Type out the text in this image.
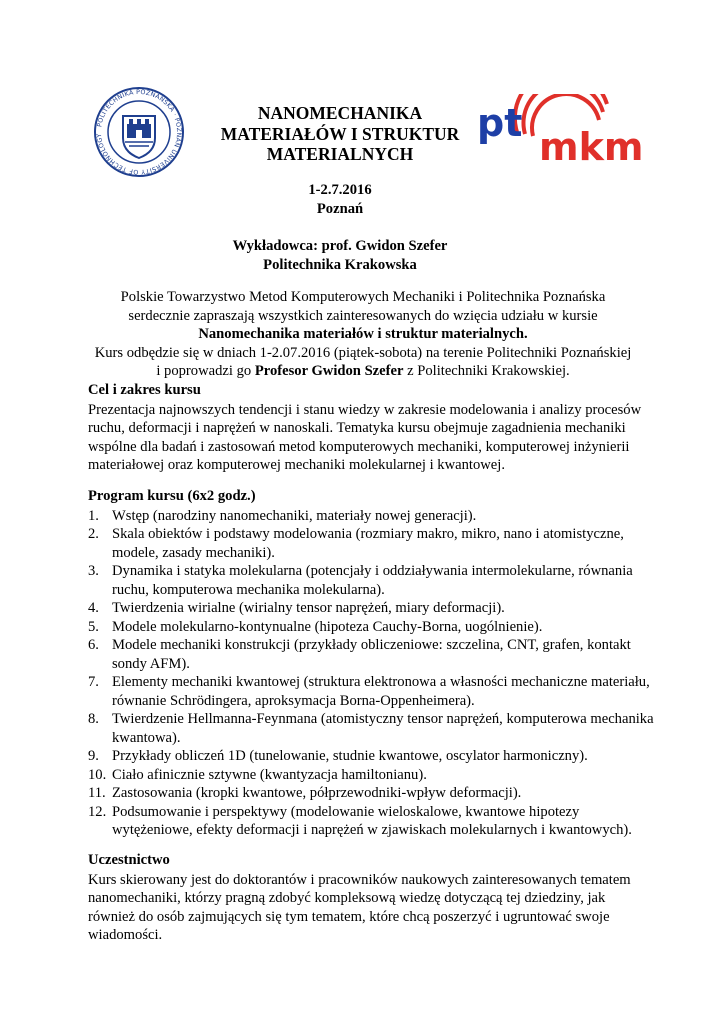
POLITECHNIKA POZNAŃSKA · POZNAN UNIVERSITY OF TECHNOLOGY
NANOMECHANIKA
MATERIAŁÓW I STRUKTUR
MATERIALNYCH
pt
mkm
1-2.7.2016
Poznań
Wykładowca: prof. Gwidon Szefer
Politechnika Krakowska
Polskie Towarzystwo Metod Komputerowych Mechaniki i Politechnika Poznańska
serdecznie zapraszają wszystkich zainteresowanych do wzięcia udziału w kursie
Nanomechanika materiałów i struktur materialnych.
Kurs odbędzie się w dniach 1-2.07.2016 (piątek-sobota) na terenie Politechniki Poznańskiej
i poprowadzi go Profesor Gwidon Szefer z Politechniki Krakowskiej.
Cel i zakres kursu

Prezentacja najnowszych tendencji i stanu wiedzy w zakresie modelowania i analizy procesów ruchu, deformacji i naprężeń w nanoskali. Tematyka kursu obejmuje zagadnienia mechaniki wspólne dla badań i zastosowań metod komputerowych mechaniki, komputerowej inżynierii materiałowej oraz komputerowej mechaniki molekularnej i kwantowej.

Program kursu (6x2 godz.)
1. Wstęp (narodziny nanomechaniki, materiały nowej generacji).
2. Skala obiektów i podstawy modelowania (rozmiary makro, mikro, nano i atomistyczne, modele, zasady mechaniki).
3. Dynamika i statyka molekularna (potencjały i oddziaływania intermolekularne, równania ruchu, komputerowa mechanika molekularna).
4. Twierdzenia wirialne (wirialny tensor naprężeń, miary deformacji).
5. Modele molekularno-kontynualne (hipoteza Cauchy-Borna, uogólnienie).
6. Modele mechaniki konstrukcji (przykłady obliczeniowe: szczelina, CNT, grafen, kontakt sondy AFM).
7. Elementy mechaniki kwantowej (struktura elektronowa a własności mechaniczne materiału, równanie Schrödingera, aproksymacja Borna-Oppenheimera).
8. Twierdzenie Hellmanna-Feynmana (atomistyczny tensor naprężeń, komputerowa mechanika kwantowa).
9. Przykłady obliczeń 1D (tunelowanie, studnie kwantowe, oscylator harmoniczny).
10. Ciało afinicznie sztywne (kwantyzacja hamiltonianu).
11. Zastosowania (kropki kwantowe, półprzewodniki-wpływ deformacji).
12. Podsumowanie i perspektywy (modelowanie wieloskalowe, kwantowe hipotezy wytężeniowe, efekty deformacji i naprężeń w zjawiskach molekularnych i kwantowych).
Uczestnictwo

Kurs skierowany jest do doktorantów i pracowników naukowych zainteresowanych tematem nanomechaniki, którzy pragną zdobyć kompleksową wiedzę dotyczącą tej dziedziny, jak również do osób zajmujących się tym tematem, które chcą poszerzyć i ugruntować swoje wiadomości.
